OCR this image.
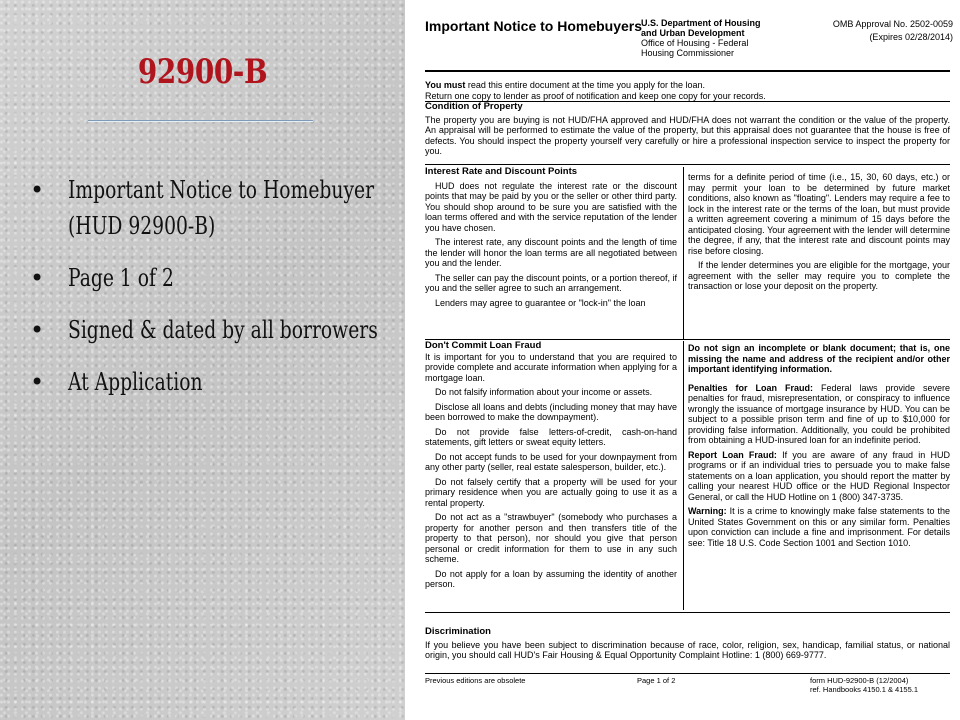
92900-B
• Important Notice to Homebuyer (HUD 92900-B)
• Page 1 of 2
• Signed & dated by all borrowers
• At Application
Important Notice to Homebuyers
U.S. Department of Housing
and Urban Development
Office of Housing - Federal
Housing Commissioner
OMB Approval No. 2502-0059
(Expires 02/28/2014)
You must read this entire document at the time you apply for the loan.
Return one copy to lender as proof of notification and keep one copy for your records.
Condition of Property

The property you are buying is not HUD/FHA approved and HUD/FHA does not warrant the condition or the value of the property. An appraisal will be performed to estimate the value of the property, but this appraisal does not guarantee that the house is free of defects. You should inspect the property yourself very carefully or hire a professional inspection service to inspect the property for you.

Interest Rate and Discount Points

HUD does not regulate the interest rate or the discount points that may be paid by you or the seller or other third party. You should shop around to be sure you are satisfied with the loan terms offered and with the service reputation of the lender you have chosen.

The interest rate, any discount points and the length of time the lender will honor the loan terms are all negotiated between you and the lender.

The seller can pay the discount points, or a portion thereof, if you and the seller agree to such an arrangement.

Lenders may agree to guarantee or "lock-in" the loan

terms for a definite period of time (i.e., 15, 30, 60 days, etc.) or may permit your loan to be determined by future market conditions, also known as "floating". Lenders may require a fee to lock in the interest rate or the terms of the loan, but must provide a written agreement covering a minimum of 15 days before the anticipated closing. Your agreement with the lender will determine the degree, if any, that the interest rate and discount points may rise before closing.

If the lender determines you are eligible for the mortgage, your agreement with the seller may require you to complete the transaction or lose your deposit on the property.

Don't Commit Loan Fraud

It is important for you to understand that you are required to provide complete and accurate information when applying for a mortgage loan.

Do not falsify information about your income or assets.

Disclose all loans and debts (including money that may have been borrowed to make the downpayment).

Do not provide false letters-of-credit, cash-on-hand statements, gift letters or sweat equity letters.

Do not accept funds to be used for your downpayment from any other party (seller, real estate salesperson, builder, etc.).

Do not falsely certify that a property will be used for your primary residence when you are actually going to use it as a rental property.

Do not act as a "strawbuyer" (somebody who purchases a property for another person and then transfers title of the property to that person), nor should you give that person personal or credit information for them to use in any such scheme.

Do not apply for a loan by assuming the identity of another person.

Do not sign an incomplete or blank document; that is, one missing the name and address of the recipient and/or other important identifying information.

Penalties for Loan Fraud: Federal laws provide severe penalties for fraud, misrepresentation, or conspiracy to influence wrongly the issuance of mortgage insurance by HUD. You can be subject to a possible prison term and fine of up to $10,000 for providing false information. Additionally, you could be prohibited from obtaining a HUD-insured loan for an indefinite period.

Report Loan Fraud: If you are aware of any fraud in HUD programs or if an individual tries to persuade you to make false statements on a loan application, you should report the matter by calling your nearest HUD office or the HUD Regional Inspector General, or call the HUD Hotline on 1 (800) 347-3735.

Warning: It is a crime to knowingly make false statements to the United States Government on this or any similar form. Penalties upon conviction can include a fine and imprisonment. For details see: Title 18 U.S. Code Section 1001 and Section 1010.

Discrimination

If you believe you have been subject to discrimination because of race, color, religion, sex, handicap, familial status, or national origin, you should call HUD's Fair Housing & Equal Opportunity Complaint Hotline: 1 (800) 669-9777.

Previous editions are obsolete	Page 1 of 2	form HUD-92900-B (12/2004)
ref. Handbooks 4150.1 & 4155.1
